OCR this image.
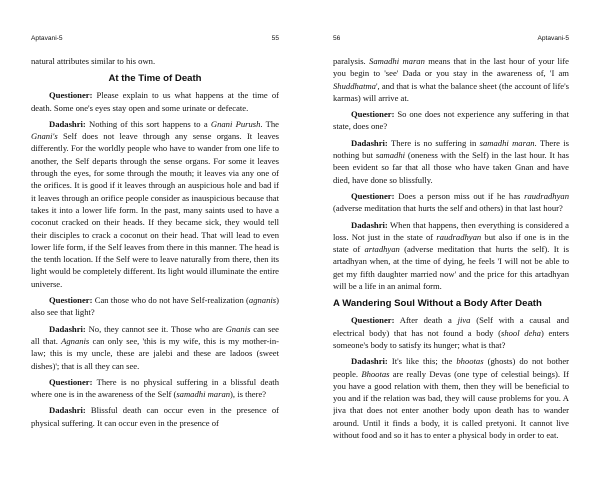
Aptavani-5	55

natural attributes similar to his own.

At the Time of Death

Questioner: Please explain to us what happens at the time of death. Some one's eyes stay open and some urinate or defecate.

Dadashri: Nothing of this sort happens to a Gnani Purush. The Gnani's Self does not leave through any sense organs. It leaves differently. For the worldly people who have to wander from one life to another, the Self departs through the sense organs. For some it leaves through the eyes, for some through the mouth; it leaves via any one of the orifices. It is good if it leaves through an auspicious hole and bad if it leaves through an orifice people consider as inauspicious because that takes it into a lower life form. In the past, many saints used to have a coconut cracked on their heads. If they became sick, they would tell their disciples to crack a coconut on their head. That will lead to even lower life form, if the Self leaves from there in this manner. The head is the tenth location. If the Self were to leave naturally from there, then its light would be completely different. Its light would illuminate the entire universe.

Questioner: Can those who do not have Self-realization (agnanis) also see that light?

Dadashri: No, they cannot see it. Those who are Gnanis can see all that. Agnanis can only see, 'this is my wife, this is my mother-in-law; this is my uncle, these are jalebi and these are ladoos (sweet dishes)'; that is all they can see.

Questioner: There is no physical suffering in a blissful death where one is in the awareness of the Self (samadhi maran), is there?

Dadashri: Blissful death can occur even in the presence of physical suffering. It can occur even in the presence of

56	Aptavani-5

paralysis. Samadhi maran means that in the last hour of your life you begin to 'see' Dada or you stay in the awareness of, 'I am Shuddhatma', and that is what the balance sheet (the account of life's karmas) will arrive at.

Questioner: So one does not experience any suffering in that state, does one?

Dadashri: There is no suffering in samadhi maran. There is nothing but samadhi (oneness with the Self) in the last hour. It has been evident so far that all those who have taken Gnan and have died, have done so blissfully.

Questioner: Does a person miss out if he has raudradhyan (adverse meditation that hurts the self and others) in that last hour?

Dadashri: When that happens, then everything is considered a loss. Not just in the state of raudradhyan but also if one is in the state of artadhyan (adverse meditation that hurts the self). It is artadhyan when, at the time of dying, he feels 'I will not be able to get my fifth daughter married now' and the price for this artadhyan will be a life in an animal form.

A Wandering Soul Without a Body After Death

Questioner: After death a jiva (Self with a causal and electrical body) that has not found a body (shool deha) enters someone's body to satisfy its hunger; what is that?

Dadashri: It's like this; the bhootas (ghosts) do not bother people. Bhootas are really Devas (one type of celestial beings). If you have a good relation with them, then they will be beneficial to you and if the relation was bad, they will cause problems for you. A jiva that does not enter another body upon death has to wander around. Until it finds a body, it is called pretyoni. It cannot live without food and so it has to enter a physical body in order to eat.
